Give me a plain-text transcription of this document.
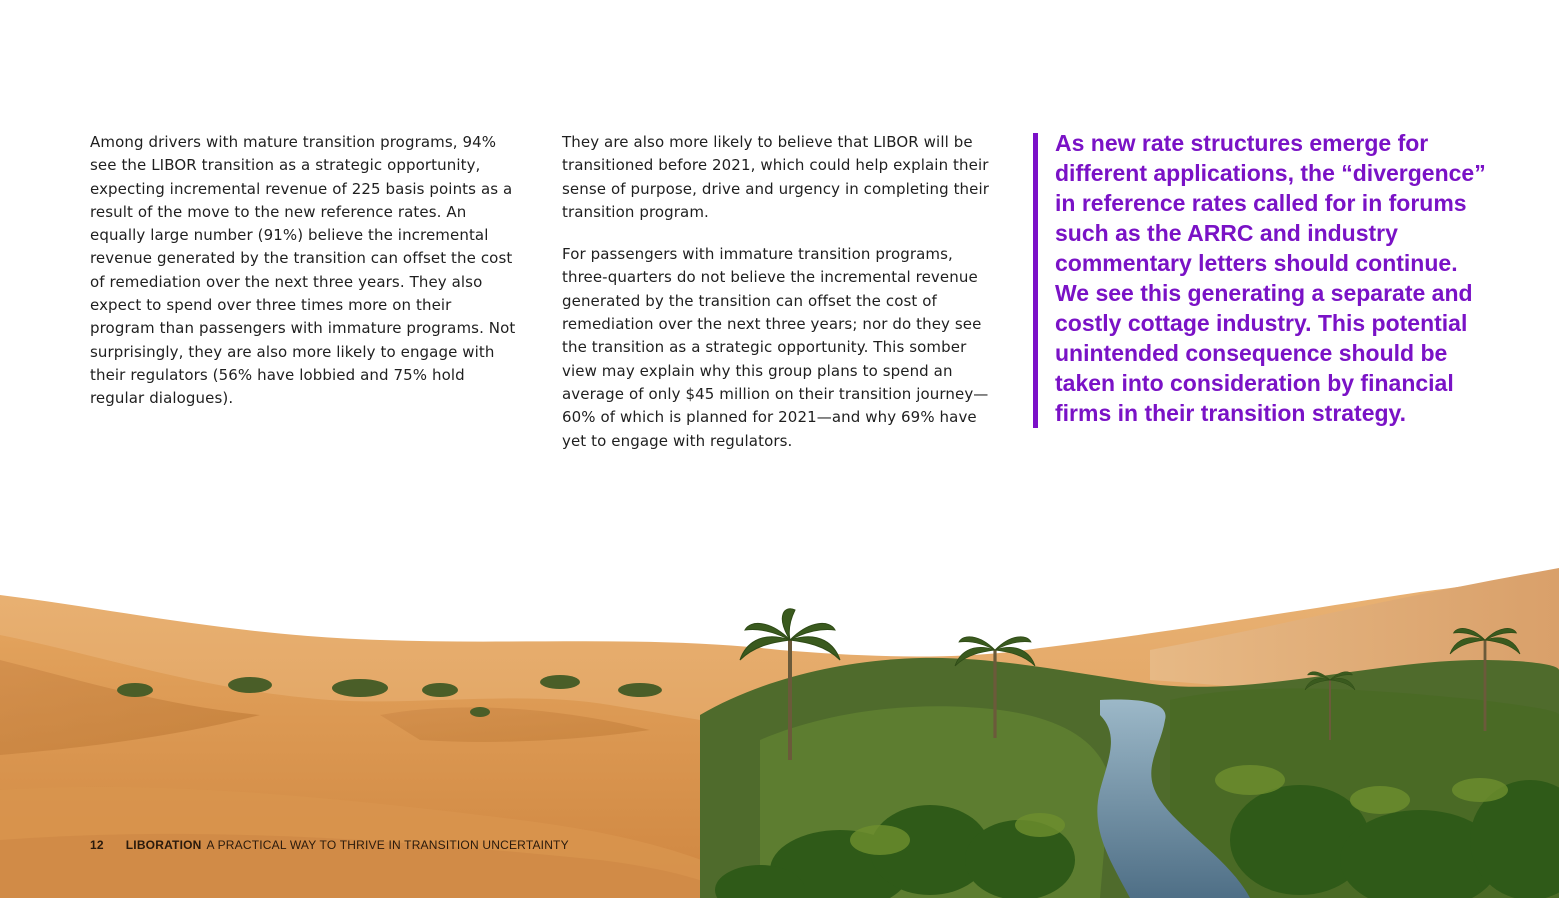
Among drivers with mature transition programs, 94% see the LIBOR transition as a strategic opportunity, expecting incremental revenue of 225 basis points as a result of the move to the new reference rates. An equally large number (91%) believe the incremental revenue generated by the transition can offset the cost of remediation over the next three years. They also expect to spend over three times more on their program than passengers with immature programs. Not surprisingly, they are also more likely to engage with their regulators (56% have lobbied and 75% hold regular dialogues).

They are also more likely to believe that LIBOR will be transitioned before 2021, which could help explain their sense of purpose, drive and urgency in completing their transition program.

For passengers with immature transition programs, three-quarters do not believe the incremental revenue generated by the transition can offset the cost of remediation over the next three years; nor do they see the transition as a strategic opportunity. This somber view may explain why this group plans to spend an average of only $45 million on their transition journey—60% of which is planned for 2021—and why 69% have yet to engage with regulators.

As new rate structures emerge for different applications, the “divergence” in reference rates called for in forums such as the ARRC and industry commentary letters should continue. We see this generating a separate and costly cottage industry. This potential unintended consequence should be taken into consideration by financial firms in their transition strategy.

12 LIBORATION A PRACTICAL WAY TO THRIVE IN TRANSITION UNCERTAINTY
